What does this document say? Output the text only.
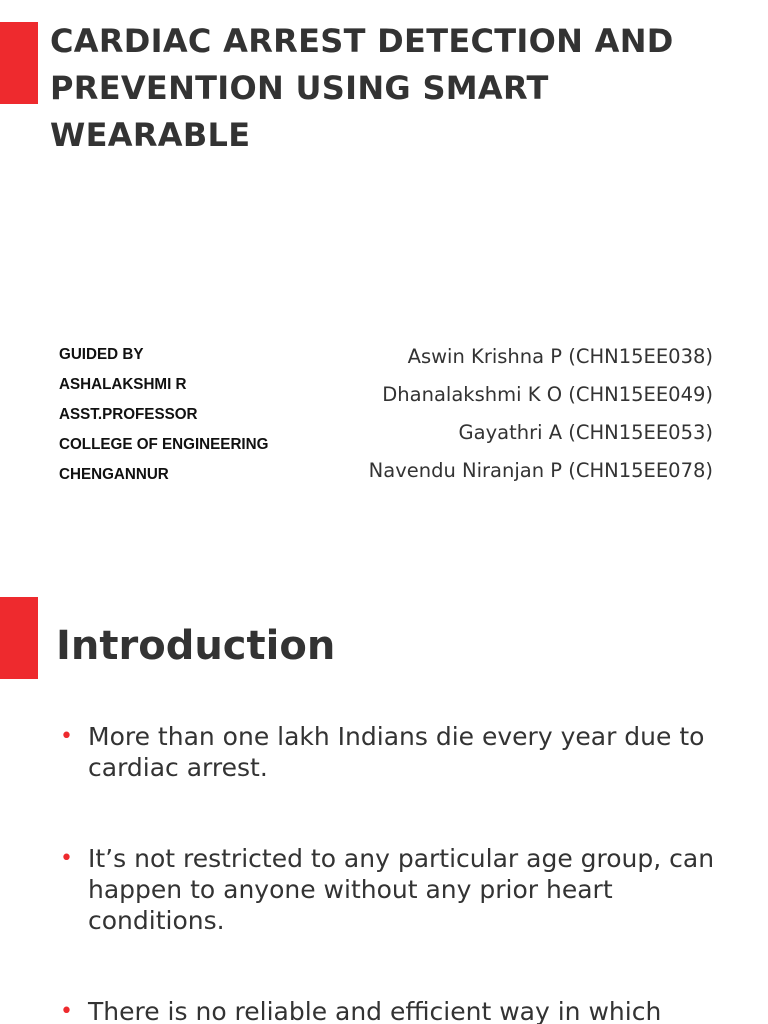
CARDIAC ARREST DETECTION AND PREVENTION USING SMART WEARABLE
GUIDED BY
ASHALAKSHMI R
ASST.PROFESSOR
COLLEGE OF ENGINEERING
CHENGANNUR
Aswin Krishna P (CHN15EE038)
Dhanalakshmi K O (CHN15EE049)
Gayathri A (CHN15EE053)
Navendu Niranjan P (CHN15EE078)
Introduction
• More than one lakh Indians die every year due to cardiac arrest.
• It’s not restricted to any particular age group, can happen to anyone without any prior heart conditions.
• There is no reliable and efficient way in which
